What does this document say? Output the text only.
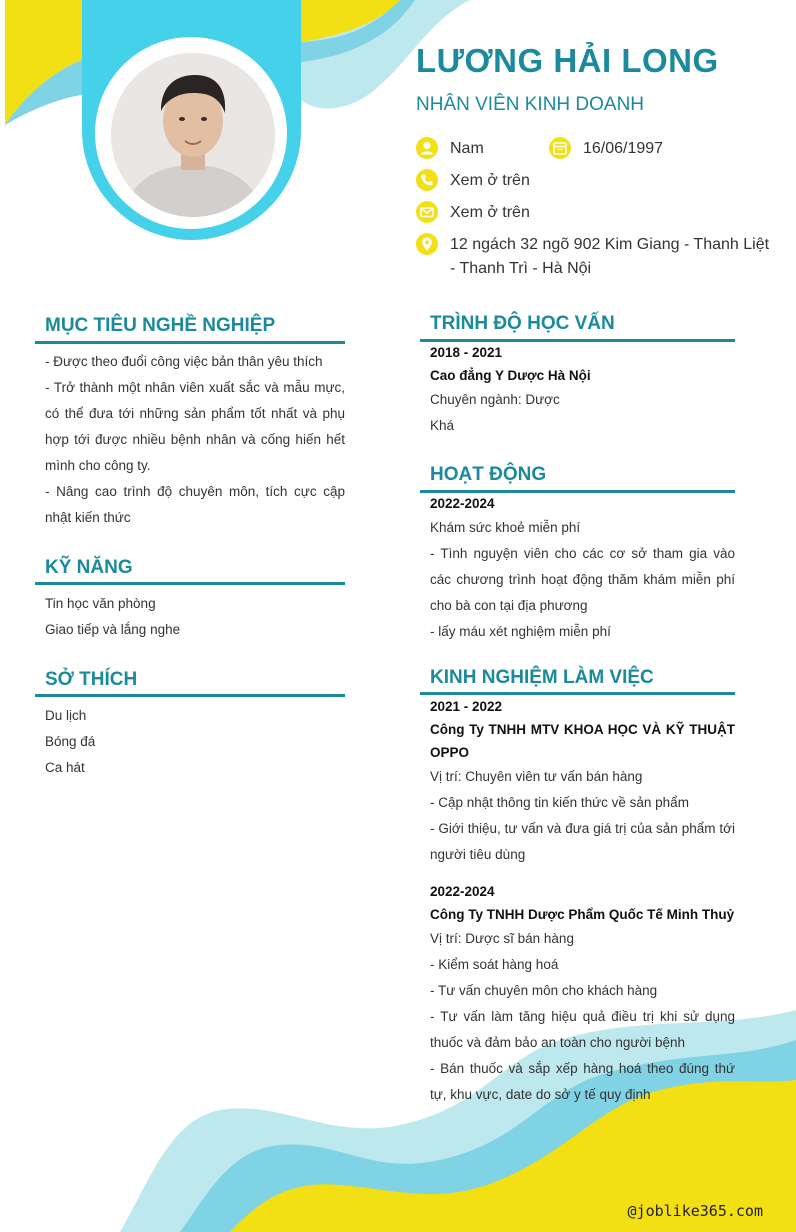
LƯƠNG HẢI LONG
NHÂN VIÊN KINH DOANH
Nam	16/06/1997
Xem ở trên
Xem ở trên
12 ngách 32 ngõ 902 Kim Giang - Thanh Liệt
- Thanh Trì - Hà Nội
MỤC TIÊU NGHỀ NGHIỆP

- Được theo đuổi công việc bản thân yêu thích

- Trở thành một nhân viên xuất sắc và mẫu mực, có thể đưa tới những sản phẩm tốt nhất và phụ hợp tới được nhiều bệnh nhân và cống hiến hết mình cho công ty.

- Nâng cao trình độ chuyên môn, tích cực cập nhật kiến thức

KỸ NĂNG

Tin học văn phòng

Giao tiếp và lắng nghe

SỞ THÍCH

Du lịch

Bóng đá

Ca hát

TRÌNH ĐỘ HỌC VẤN

2018 - 2021

Cao đẳng Y Dược Hà Nội

Chuyên ngành: Dược

Khá

HOẠT ĐỘNG

2022-2024

Khám sức khoẻ miễn phí

- Tình nguyện viên cho các cơ sở tham gia vào các chương trình hoạt động thăm khám miễn phí cho bà con tại địa phương

- lấy máu xét nghiệm miễn phí

KINH NGHIỆM LÀM VIỆC

2021 - 2022

Công Ty TNHH MTV KHOA HỌC VÀ KỸ THUẬT OPPO

Vị trí: Chuyên viên tư vấn bán hàng

- Cập nhật thông tin kiến thức về sản phẩm

- Giới thiệu, tư vấn và đưa giá trị của sản phẩm tới người tiêu dùng

2022-2024

Công Ty TNHH Dược Phẩm Quốc Tế Minh Thuỷ

Vị trí: Dược sĩ bán hàng

- Kiểm soát hàng hoá

- Tư vấn chuyên môn cho khách hàng

- Tư vấn làm tăng hiệu quả điều trị khi sử dụng thuốc và đảm bảo an toàn cho người bệnh

- Bán thuốc và sắp xếp hàng hoá theo đúng thứ tự, khu vực, date do sở y tế quy định

@joblike365.com
